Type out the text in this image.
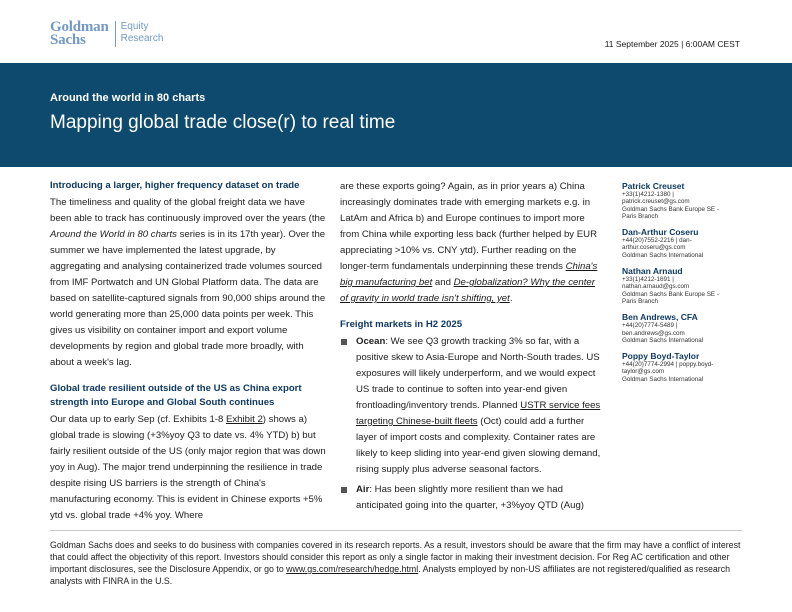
Goldman
Sachs
Equity
Research	11 September 2025 | 6:00AM CEST
Around the world in 80 charts
Mapping global trade close(r) to real time
Introducing a larger, higher frequency dataset on trade

The timeliness and quality of the global freight data we have been able to track has continuously improved over the years (the Around the World in 80 charts series is in its 17th year). Over the summer we have implemented the latest upgrade, by aggregating and analysing containerized trade volumes sourced from IMF Portwatch and UN Global Platform data. The data are based on satellite-captured signals from 90,000 ships around the world generating more than 25,000 data points per week. This gives us visibility on container import and export volume developments by region and global trade more broadly, with about a week's lag.

Global trade resilient outside of the US as China export strength into Europe and Global South continues

Our data up to early Sep (cf. Exhibits 1-8 Exhibit 2) shows a) global trade is slowing (+3%yoy Q3 to date vs. 4% YTD) b) but fairly resilient outside of the US (only major region that was down yoy in Aug). The major trend underpinning the resilience in trade despite rising US barriers is the strength of China's manufacturing economy. This is evident in Chinese exports +5% ytd vs. global trade +4% yoy. Where

are these exports going? Again, as in prior years a) China increasingly dominates trade with emerging markets e.g. in LatAm and Africa b) and Europe continues to import more from China while exporting less back (further helped by EUR appreciating >10% vs. CNY ytd). Further reading on the longer-term fundamentals underpinning these trends China's big manufacturing bet and De-globalization? Why the center of gravity in world trade isn't shifting, yet.

Freight markets in H2 2025
Ocean: We see Q3 growth tracking 3% so far, with a positive skew to Asia-Europe and North-South trades. US exposures will likely underperform, and we would expect US trade to continue to soften into year-end given frontloading/inventory trends. Planned USTR service fees targeting Chinese-built fleets (Oct) could add a further layer of import costs and complexity. Container rates are likely to keep sliding into year-end given slowing demand, rising supply plus adverse seasonal factors.
Air: Has been slightly more resilient than we had anticipated going into the quarter, +3%yoy QTD (Aug)
Patrick Creuset
+33(1)4212-1380 |
patrick.creuset@gs.com
Goldman Sachs Bank Europe SE - Paris Branch
Dan-Arthur Coseru
+44(20)7552-2216 | dan-
arthur.coseru@gs.com
Goldman Sachs International
Nathan Arnaud
+33(1)4212-1691 |
nathan.arnaud@gs.com
Goldman Sachs Bank Europe SE - Paris Branch
Ben Andrews, CFA
+44(20)7774-5489 |
ben.andrews@gs.com
Goldman Sachs International
Poppy Boyd-Taylor
+44(20)7774-2994 | poppy.boyd-
taylor@gs.com
Goldman Sachs International
Goldman Sachs does and seeks to do business with companies covered in its research reports. As a result, investors should be aware that the firm may have a conflict of interest that could affect the objectivity of this report. Investors should consider this report as only a single factor in making their investment decision. For Reg AC certification and other important disclosures, see the Disclosure Appendix, or go to www.gs.com/research/hedge.html. Analysts employed by non-US affiliates are not registered/qualified as research analysts with FINRA in the U.S.
